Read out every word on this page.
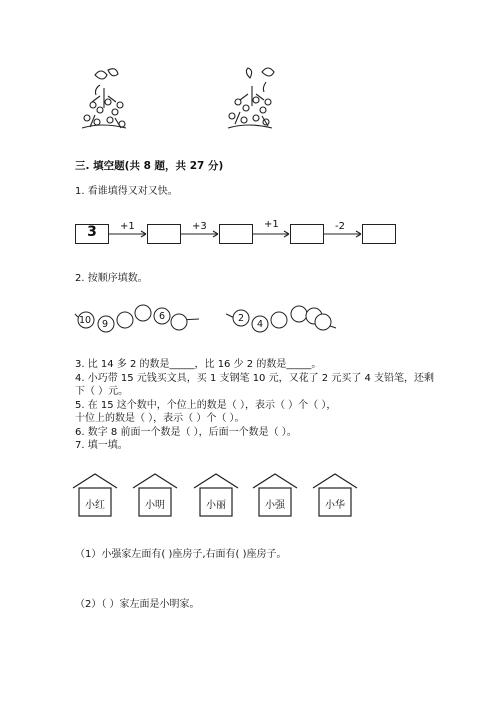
三. 填空题(共 8 题，共 27 分)
1. 看谁填得又对又快。
3	+1	+3	+1	-2
2. 按顺序填数。
10 9
6	2
4
3. 比 14 多 2 的数是_____，比 16 少 2 的数是_____。
4. 小巧带 15 元钱买文具，买 1 支钢笔 10 元，又花了 2 元买了 4 支铅笔，还剩
下（ ）元。
5. 在 15 这个数中，个位上的数是（ ），表示（ ）个（ ），
十位上的数是（ ），表示（ ）个（ ）。
6. 数字 8 前面一个数是（ ），后面一个数是（ ）。
7. 填一填。
小红	小明	小丽	小强	小华
（1）小强家左面有( )座房子,右面有( )座房子。
（2）（ ）家左面是小明家。
